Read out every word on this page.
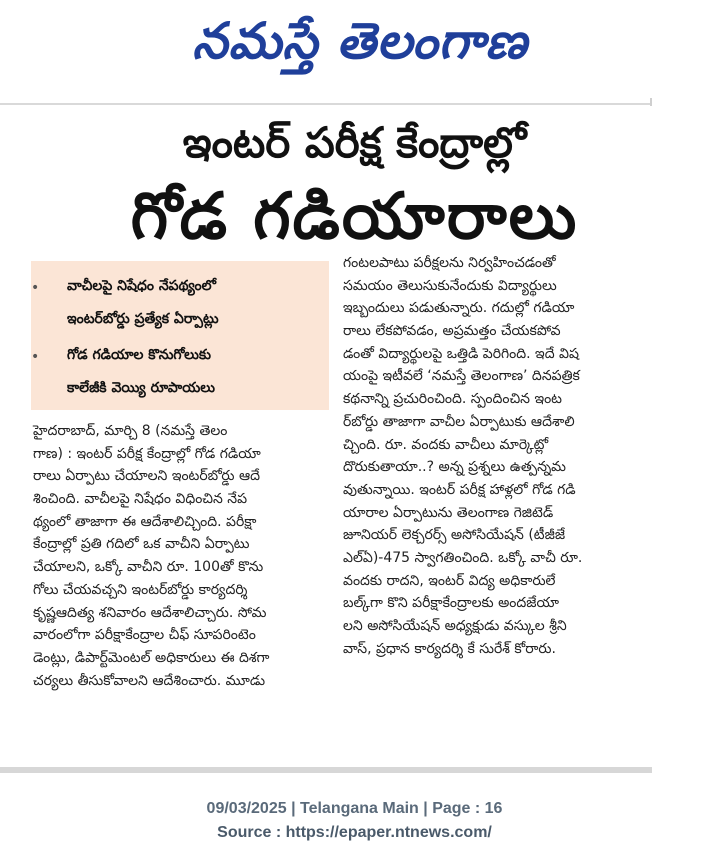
నమస్తే తెలంగాణ
ఇంటర్ పరీక్ష కేంద్రాల్లో
గోడ గడియారాలు
• వాచీలపై నిషేధం నేపథ్యంలో
ఇంటర్‌బోర్డు ప్రత్యేక ఏర్పాట్లు
• గోడ గడియాల కొనుగోలుకు
కాలేజీకి వెయ్యి రూపాయలు
హైదరాబాద్, మార్చి 8 (నమస్తే తెలం
గాణ) : ఇంటర్ పరీక్ష కేంద్రాల్లో గోడ గడియా
రాలు ఏర్పాటు చేయాలని ఇంటర్‌బోర్డు ఆదే
శించింది. వాచీలపై నిషేధం విధించిన నేప
థ్యంలో తాజాగా ఈ ఆదేశాలిచ్చింది. పరీక్షా
కేంద్రాల్లో ప్రతి గదిలో ఒక వాచీని ఏర్పాటు
చేయాలని, ఒక్కో వాచీని రూ. 100తో కొను
గోలు చేయవచ్చని ఇంటర్‌బోర్డు కార్యదర్శి
కృష్ణఆదిత్య శనివారం ఆదేశాలిచ్చారు. సోమ
వారంలోగా పరీక్షాకేంద్రాల చీఫ్ సూపరింటెం
డెంట్లు, డిపార్ట్‌మెంటల్ అధికారులు ఈ దిశగా
చర్యలు తీసుకోవాలని ఆదేశించారు. మూడు
గంటలపాటు పరీక్షలను నిర్వహించడంతో
సమయం తెలుసుకునేందుకు విద్యార్థులు
ఇబ్బందులు పడుతున్నారు. గదుల్లో గడియా
రాలు లేకపోవడం, అప్రమత్తం చేయకపోవ
డంతో విద్యార్థులపై ఒత్తిడి పెరిగింది. ఇదే విష
యంపై ఇటీవలే ‘నమస్తే తెలంగాణ’ దినపత్రిక
కథనాన్ని ప్రచురించింది. స్పందించిన ఇంట
ర్‌బోర్డు తాజాగా వాచీల ఏర్పాటుకు ఆదేశాలి
చ్చింది. రూ. వందకు వాచీలు మార్కెట్లో
దొరుకుతాయా..? అన్న ప్రశ్నలు ఉత్పన్నమ
వుతున్నాయి. ఇంటర్ పరీక్ష హాళ్లలో గోడ గడి
యారాల ఏర్పాటును తెలంగాణ గెజిటెడ్
జూనియర్ లెక్చరర్స్ అసోసియేషన్ (టీజీజే
ఎల్‌ఏ)-475 స్వాగతించింది. ఒక్కో వాచీ రూ.
వందకు రాదని, ఇంటర్ విద్య అధికారులే
బల్క్‌గా కొని పరీక్షాకేంద్రాలకు అందజేయా
లని అసోసియేషన్ అధ్యక్షుడు వస్కుల శ్రీని
వాస్, ప్రధాన కార్యదర్శి కే సురేశ్ కోరారు.
09/03/2025 | Telangana Main | Page : 16
Source : https://epaper.ntnews.com/
